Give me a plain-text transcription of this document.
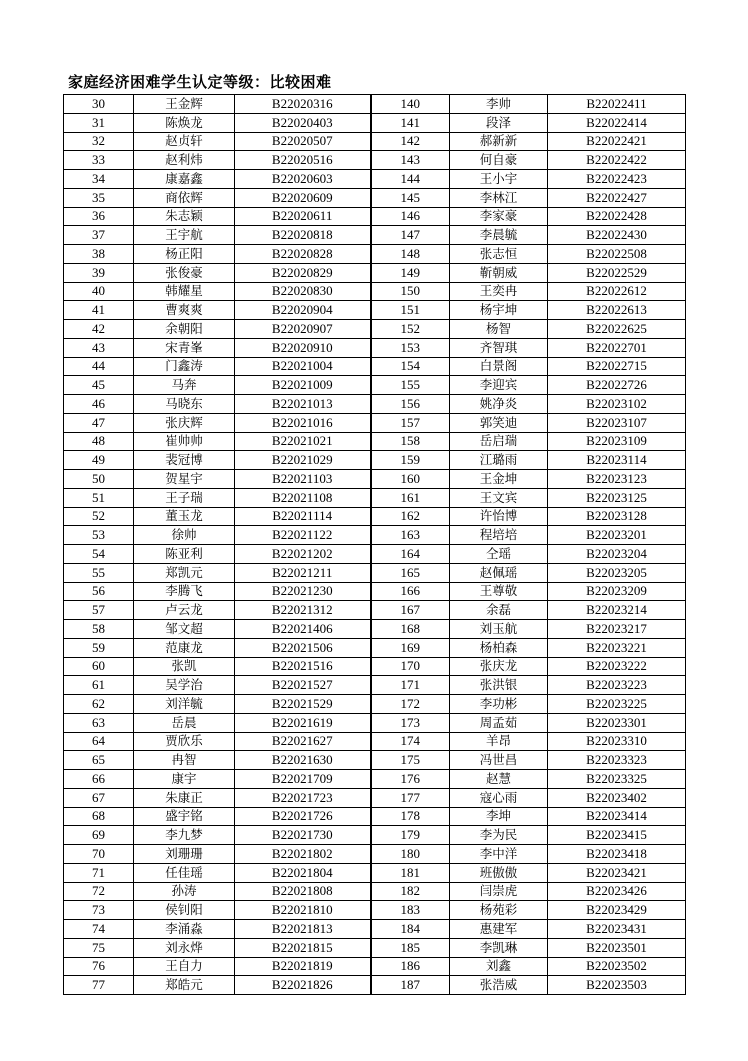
家庭经济困难学生认定等级：比较困难
30	王金辉	B22020316	140	李帅	B22022411
31	陈焕龙	B22020403	141	段泽	B22022414
32	赵贞轩	B22020507	142	郝新新	B22022421
33	赵利炜	B22020516	143	何自豪	B22022422
34	康嘉鑫	B22020603	144	王小宇	B22022423
35	商依辉	B22020609	145	李林江	B22022427
36	朱志颖	B22020611	146	李家豪	B22022428
37	王宇航	B22020818	147	李晨毓	B22022430
38	杨正阳	B22020828	148	张志恒	B22022508
39	张俊豪	B22020829	149	靳朝威	B22022529
40	韩耀星	B22020830	150	王奕冉	B22022612
41	曹爽爽	B22020904	151	杨宇坤	B22022613
42	余朝阳	B22020907	152	杨智	B22022625
43	宋青峯	B22020910	153	齐智琪	B22022701
44	门鑫涛	B22021004	154	白景阁	B22022715
45	马奔	B22021009	155	李迎宾	B22022726
46	马晓东	B22021013	156	姚净炎	B22023102
47	张庆辉	B22021016	157	郭笑迪	B22023107
48	崔帅帅	B22021021	158	岳启瑞	B22023109
49	裴冠博	B22021029	159	江璐雨	B22023114
50	贺星宇	B22021103	160	王金坤	B22023123
51	王子瑞	B22021108	161	王文宾	B22023125
52	董玉龙	B22021114	162	许怡博	B22023128
53	徐帅	B22021122	163	程培培	B22023201
54	陈亚利	B22021202	164	仝瑶	B22023204
55	郑凯元	B22021211	165	赵佩瑶	B22023205
56	李腾飞	B22021230	166	王尊敬	B22023209
57	卢云龙	B22021312	167	余磊	B22023214
58	邹文超	B22021406	168	刘玉航	B22023217
59	范康龙	B22021506	169	杨柏森	B22023221
60	张凯	B22021516	170	张庆龙	B22023222
61	吴学治	B22021527	171	张洪银	B22023223
62	刘洋毓	B22021529	172	李功彬	B22023225
63	岳晨	B22021619	173	周孟茹	B22023301
64	贾欣乐	B22021627	174	羊昂	B22023310
65	冉智	B22021630	175	冯世昌	B22023323
66	康宇	B22021709	176	赵慧	B22023325
67	朱康正	B22021723	177	寇心雨	B22023402
68	盛宇铭	B22021726	178	李坤	B22023414
69	李九梦	B22021730	179	李为民	B22023415
70	刘珊珊	B22021802	180	李中洋	B22023418
71	任佳瑶	B22021804	181	班傲傲	B22023421
72	孙涛	B22021808	182	闫崇虎	B22023426
73	侯钊阳	B22021810	183	杨苑彩	B22023429
74	李涌淼	B22021813	184	惠建军	B22023431
75	刘永烨	B22021815	185	李凯琳	B22023501
76	王自力	B22021819	186	刘鑫	B22023502
77	郑皓元	B22021826	187	张浩威	B22023503
